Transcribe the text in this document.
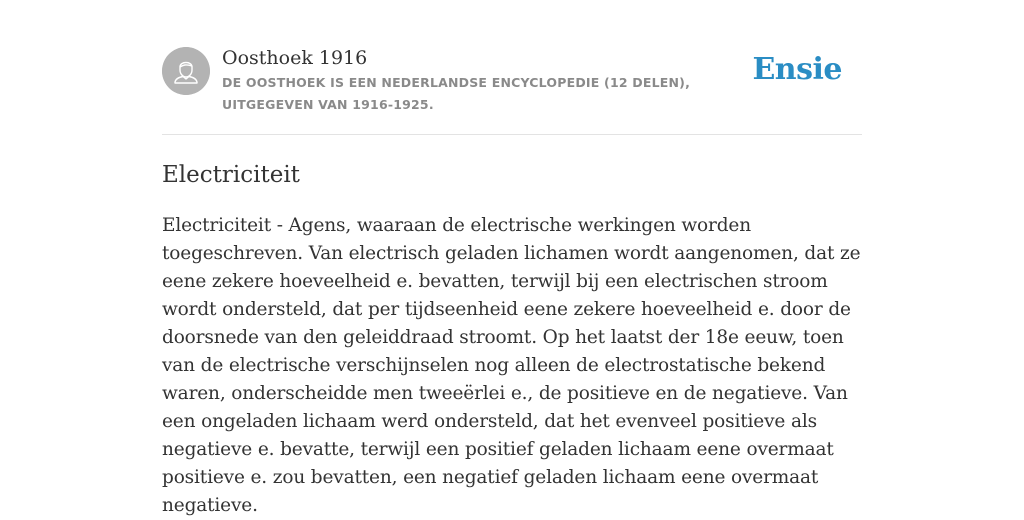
Oosthoek 1916
DE OOSTHOEK IS EEN NEDERLANDSE ENCYCLOPEDIE (12 DELEN), UITGEGEVEN VAN 1916-1925.
Ensie
Electriciteit
Electriciteit - Agens, waaraan de electrische werkingen worden toegeschreven. Van electrisch geladen lichamen wordt aangenomen, dat ze eene zekere hoeveelheid e. bevatten, terwijl bij een electrischen stroom wordt ondersteld, dat per tijdseenheid eene zekere hoeveelheid e. door de doorsnede van den geleiddraad stroomt. Op het laatst der 18e eeuw, toen van de electrische verschijnselen nog alleen de electrostatische bekend waren, onderscheidde men tweeërlei e., de positieve en de negatieve. Van een ongeladen lichaam werd ondersteld, dat het evenveel positieve als negatieve e. bevatte, terwijl een positief geladen lichaam eene overmaat positieve e. zou bevatten, een negatief geladen lichaam eene overmaat negatieve.
